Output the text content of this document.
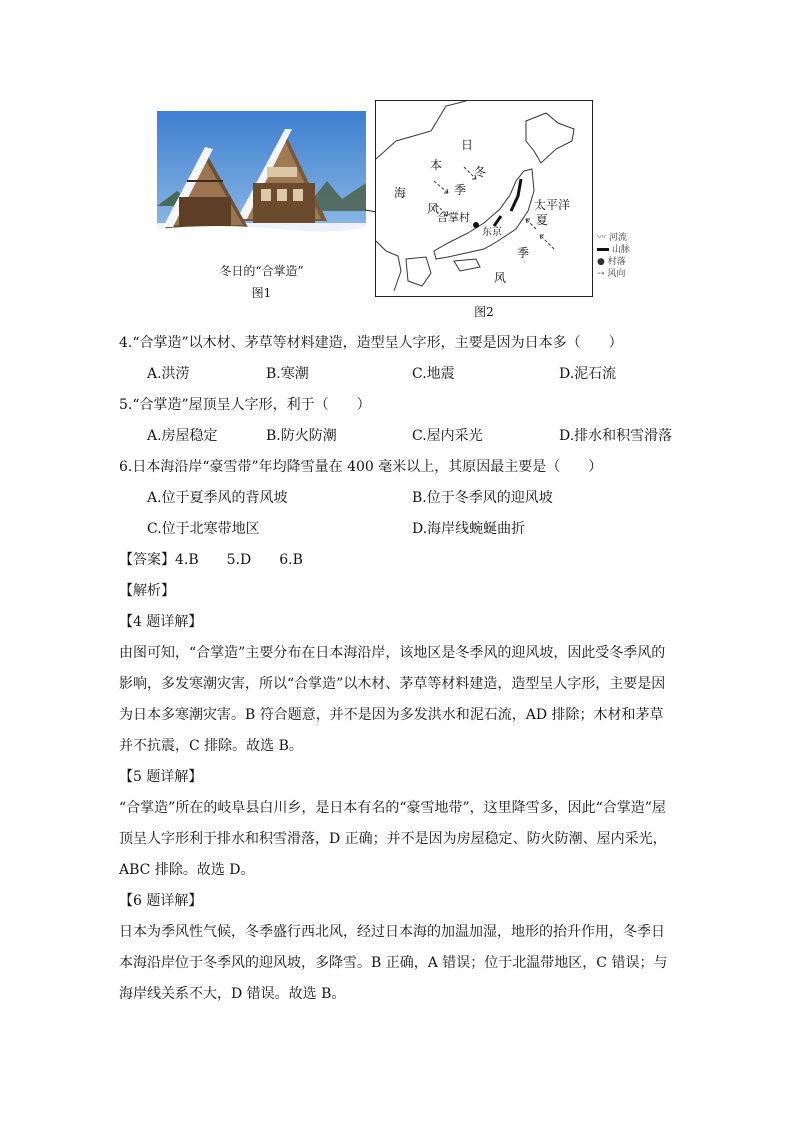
冬日的“合掌造”
图1
日
本
海
冬
季
风
合掌村
东京
太平洋
夏
季
风
〰 河流
山脉
● 村落
⇢ 风向
图2
4.“合掌造”以木材、茅草等材料建造，造型呈人字形，主要是因为日本多（　　）
A.洪涝	B.寒潮	C.地震	D.泥石流
5.“合掌造”屋顶呈人字形，利于（　　）
A.房屋稳定	B.防火防潮	C.屋内采光	D.排水和积雪滑落
6.日本海沿岸“豪雪带”年均降雪量在 400 毫米以上，其原因最主要是（　　）
A.位于夏季风的背风坡	B.位于冬季风的迎风坡
C.位于北寒带地区	D.海岸线蜿蜒曲折
【答案】4.B　　5.D　　6.B
【解析】
【4 题详解】
由图可知，“合掌造”主要分布在日本海沿岸，该地区是冬季风的迎风坡，因此受冬季风的
影响，多发寒潮灾害，所以“合掌造”以木材、茅草等材料建造，造型呈人字形，主要是因
为日本多寒潮灾害。B 符合题意，并不是因为多发洪水和泥石流，AD 排除；木材和茅草
并不抗震，C 排除。故选 B。
【5 题详解】
“合掌造”所在的岐阜县白川乡，是日本有名的“豪雪地带”，这里降雪多，因此“合掌造”屋
顶呈人字形利于排水和积雪滑落，D 正确；并不是因为房屋稳定、防火防潮、屋内采光，
ABC 排除。故选 D。
【6 题详解】
日本为季风性气候，冬季盛行西北风，经过日本海的加温加湿，地形的抬升作用，冬季日
本海沿岸位于冬季风的迎风坡，多降雪。B 正确，A 错误；位于北温带地区，C 错误；与
海岸线关系不大，D 错误。故选 B。
